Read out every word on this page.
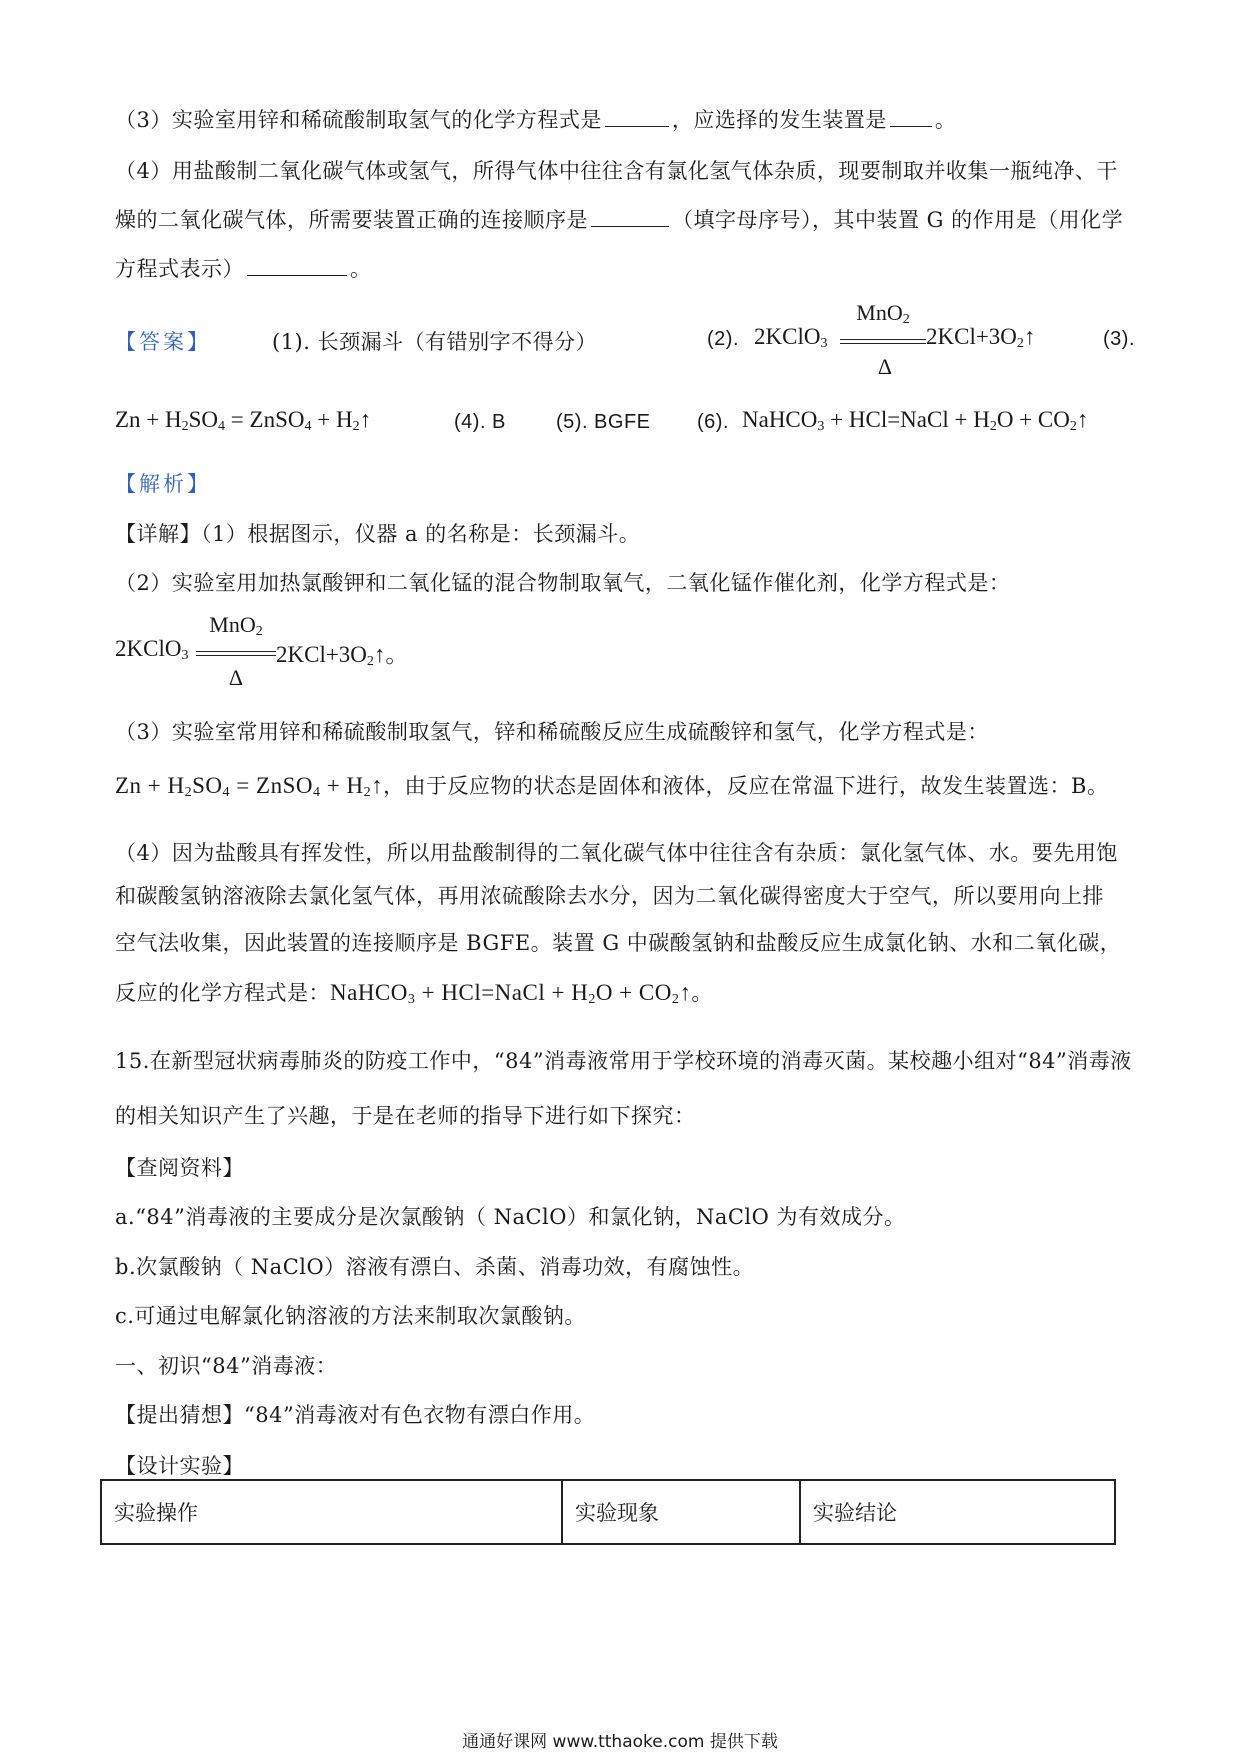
（3）实验室用锌和稀硫酸制取氢气的化学方程式是	，应选择的发生装置是 。
（4）用盐酸制二氧化碳气体或氢气，所得气体中往往含有氯化氢气体杂质，现要制取并收集一瓶纯净、干
燥的二氧化碳气体，所需要装置正确的连接顺序是	（填字母序号），其中装置 G 的作用是（用化学
方程式表示）	。
【答案】	(1). 长颈漏斗（有错别字不得分）	(2).
MnO$_2$
2KClO$_3$	$2KCl+3O_2↑$
Δ
(3).
$Zn + H_2SO_4$ = ZnSO$_4$ + $H_2↑$	(4). B	(5). BGFE (6). NaHCO$_3$ + HCl=NaCl + $H_2O$ + $CO_2↑$
【解析】
【详解】（1）根据图示，仪器 a 的名称是：长颈漏斗。
（2）实验室用加热氯酸钾和二氧化锰的混合物制取氧气，二氧化锰作催化剂，化学方程式是：
MnO$_2$
2KClO$_3$	$2KCl+3O_2↑$。
Δ
（3）实验室常用锌和稀硫酸制取氢气，锌和稀硫酸反应生成硫酸锌和氢气，化学方程式是：
$Zn + H_2SO_4$ = ZnSO$_4$ + $H_2↑$，由于反应物的状态是固体和液体，反应在常温下进行，故发生装置选：B。
（4）因为盐酸具有挥发性，所以用盐酸制得的二氧化碳气体中往往含有杂质：氯化氢气体、水。要先用饱
和碳酸氢钠溶液除去氯化氢气体，再用浓硫酸除去水分，因为二氧化碳得密度大于空气，所以要用向上排
空气法收集，因此装置的连接顺序是 BGFE。装置 G 中碳酸氢钠和盐酸反应生成氯化钠、水和二氧化碳，
反应的化学方程式是：NaHCO$_3$ + HCl=NaCl + $H_2O$ + $CO_2↑$。
15.在新型冠状病毒肺炎的防疫工作中，“84”消毒液常用于学校环境的消毒灭菌。某校趣小组对“84”消毒液
的相关知识产生了兴趣，于是在老师的指导下进行如下探究：
【查阅资料】
a.“84”消毒液的主要成分是次氯酸钠（ NaClO）和氯化钠，NaClO 为有效成分。
b.次氯酸钠（ NaClO）溶液有漂白、杀菌、消毒功效，有腐蚀性。
c.可通过电解氯化钠溶液的方法来制取次氯酸钠。
一、初识“84”消毒液：
【提出猜想】“84”消毒液对有色衣物有漂白作用。
【设计实验】
实验操作	实验现象	实验结论
通通好课网 www.tthaoke.com 提供下载
